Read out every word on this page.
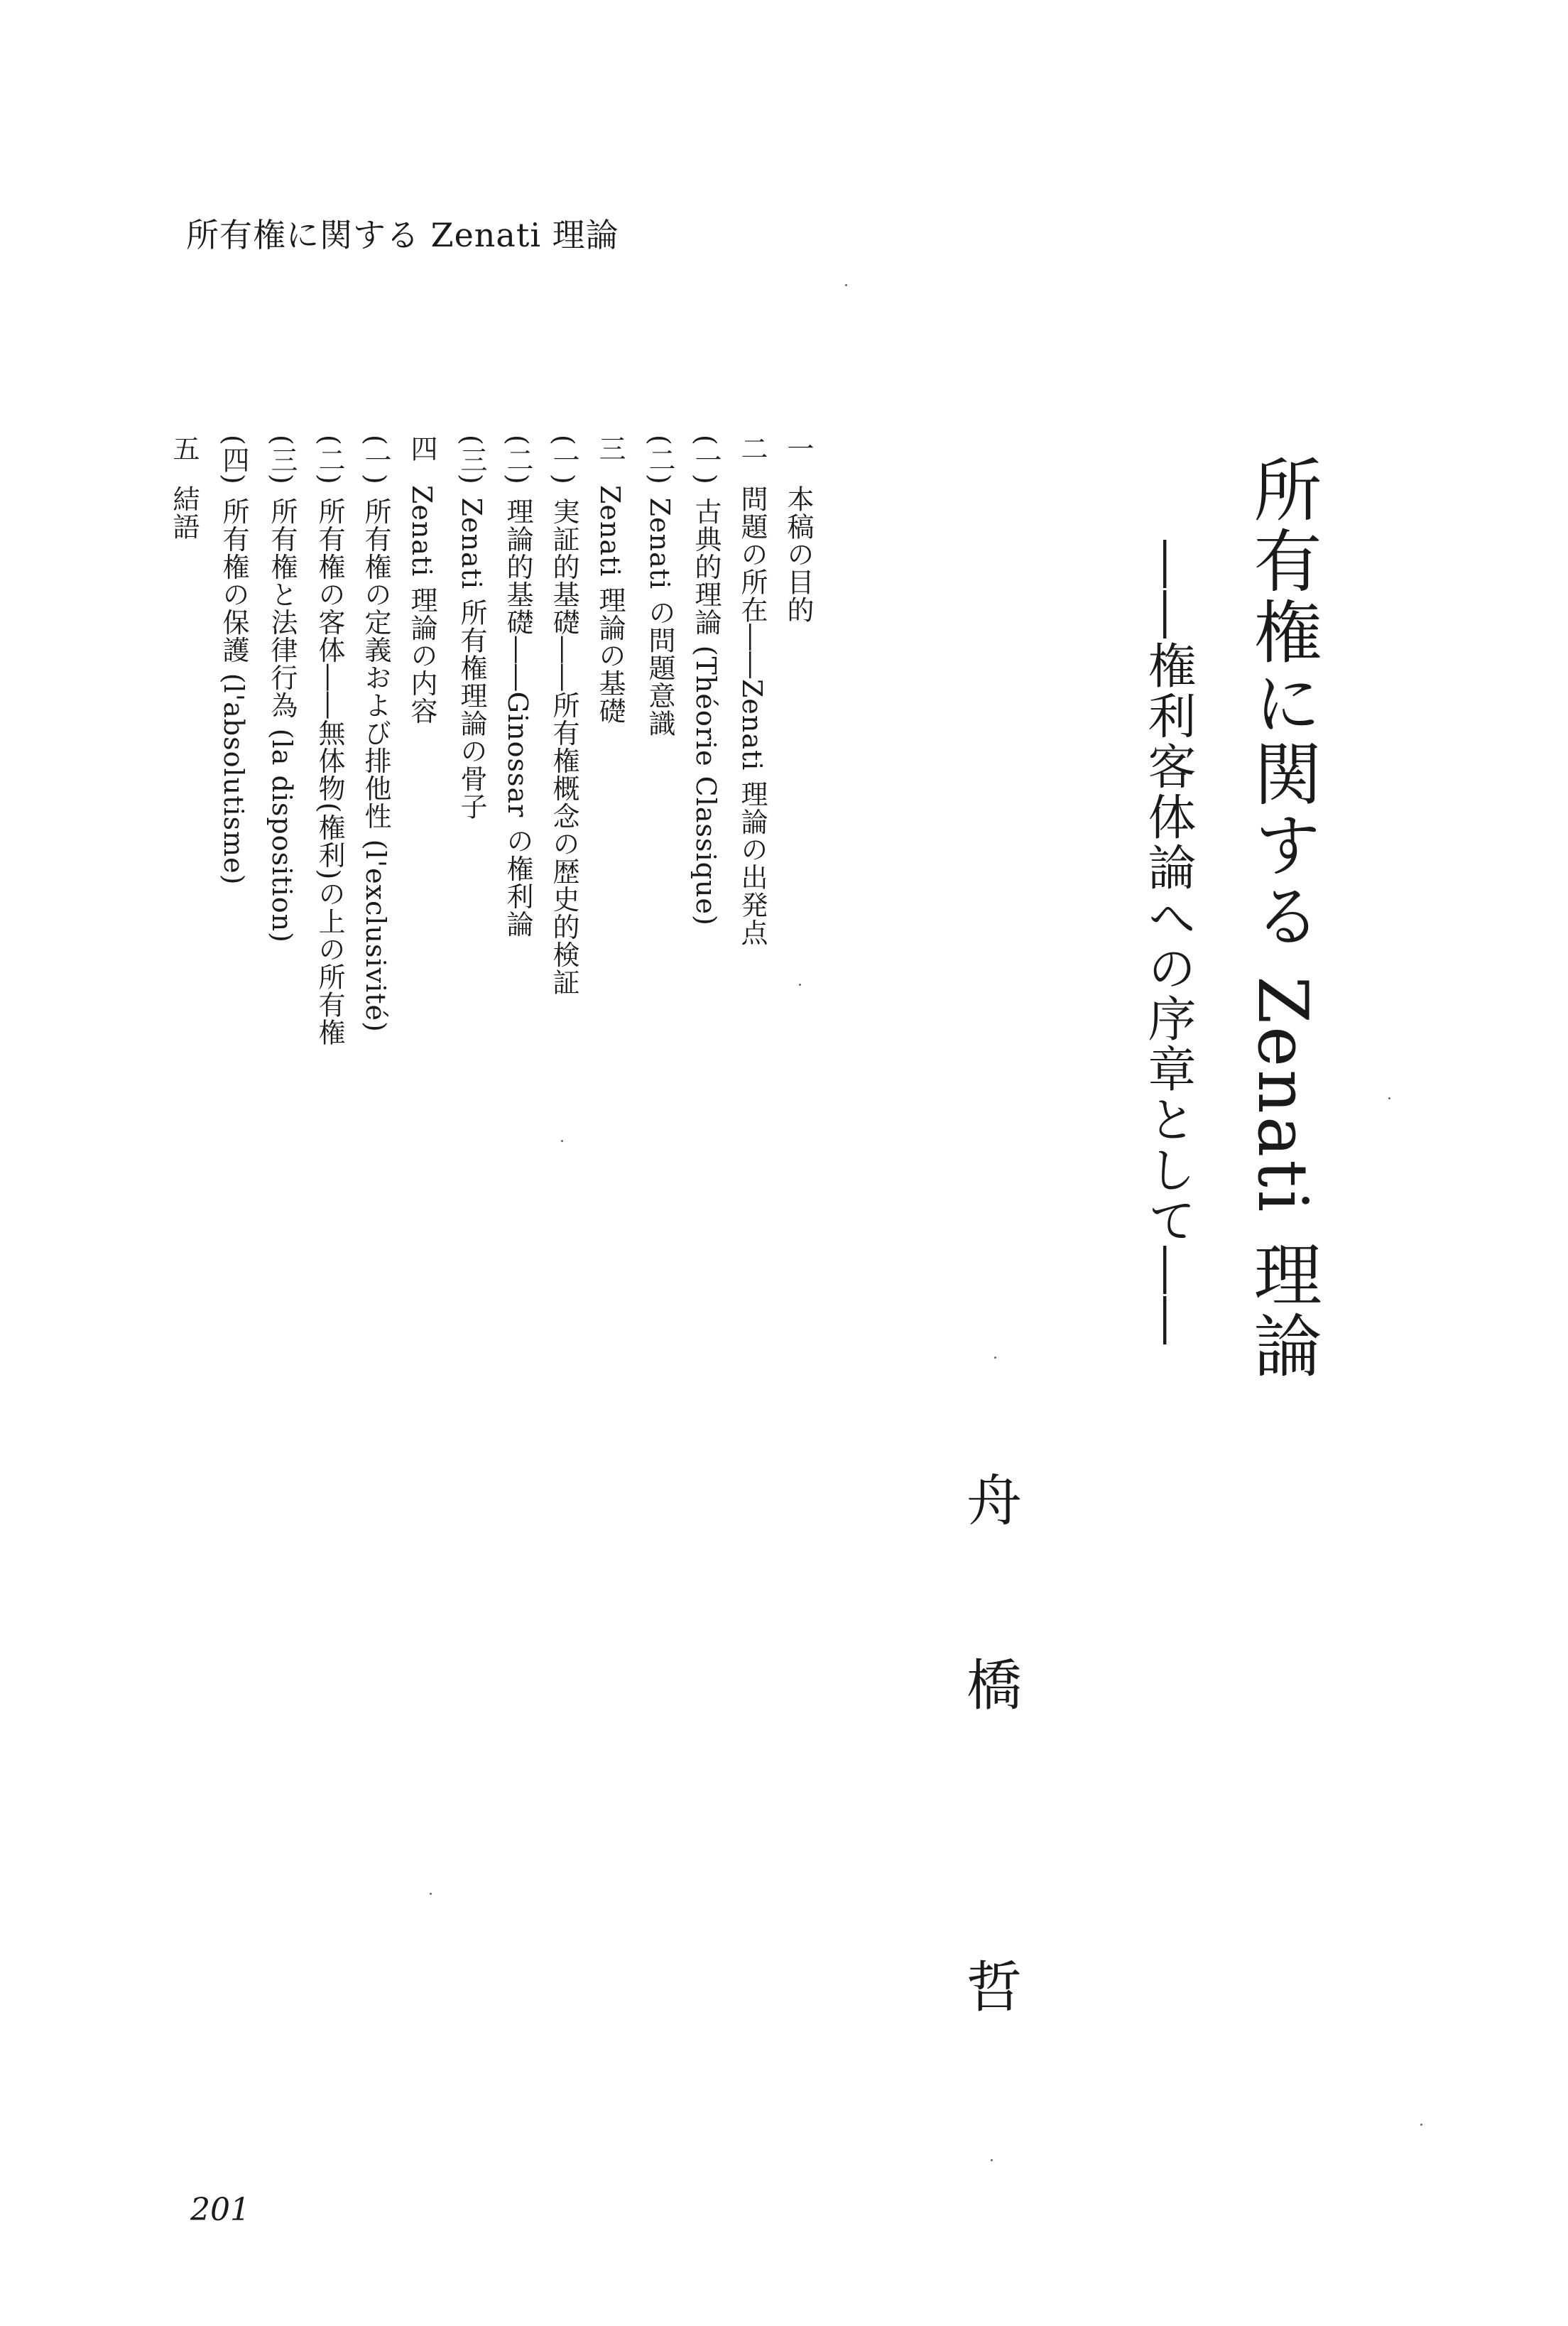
所有権に関する Zenati 理論
所有権に関する Zenati 理論
――権利客体論への序章として――
舟
橋
哲
一本稿の目的
二問題の所在――Zenati 理論の出発点
(一)古典的理論 (Théorie Classique)
(二)Zenati の問題意識
三Zenati 理論の基礎
(一)実証的基礎――所有権概念の歴史的検証
(二)理論的基礎――Ginossar の権利論
(三)Zenati 所有権理論の骨子
四Zenati 理論の内容
(一)所有権の定義および排他性 (l'exclusivité)
(二)所有権の客体――無体物(権利)の上の所有権
(三)所有権と法律行為 (la disposition)
(四)所有権の保護 (l'absolutisme)
五結語
201
